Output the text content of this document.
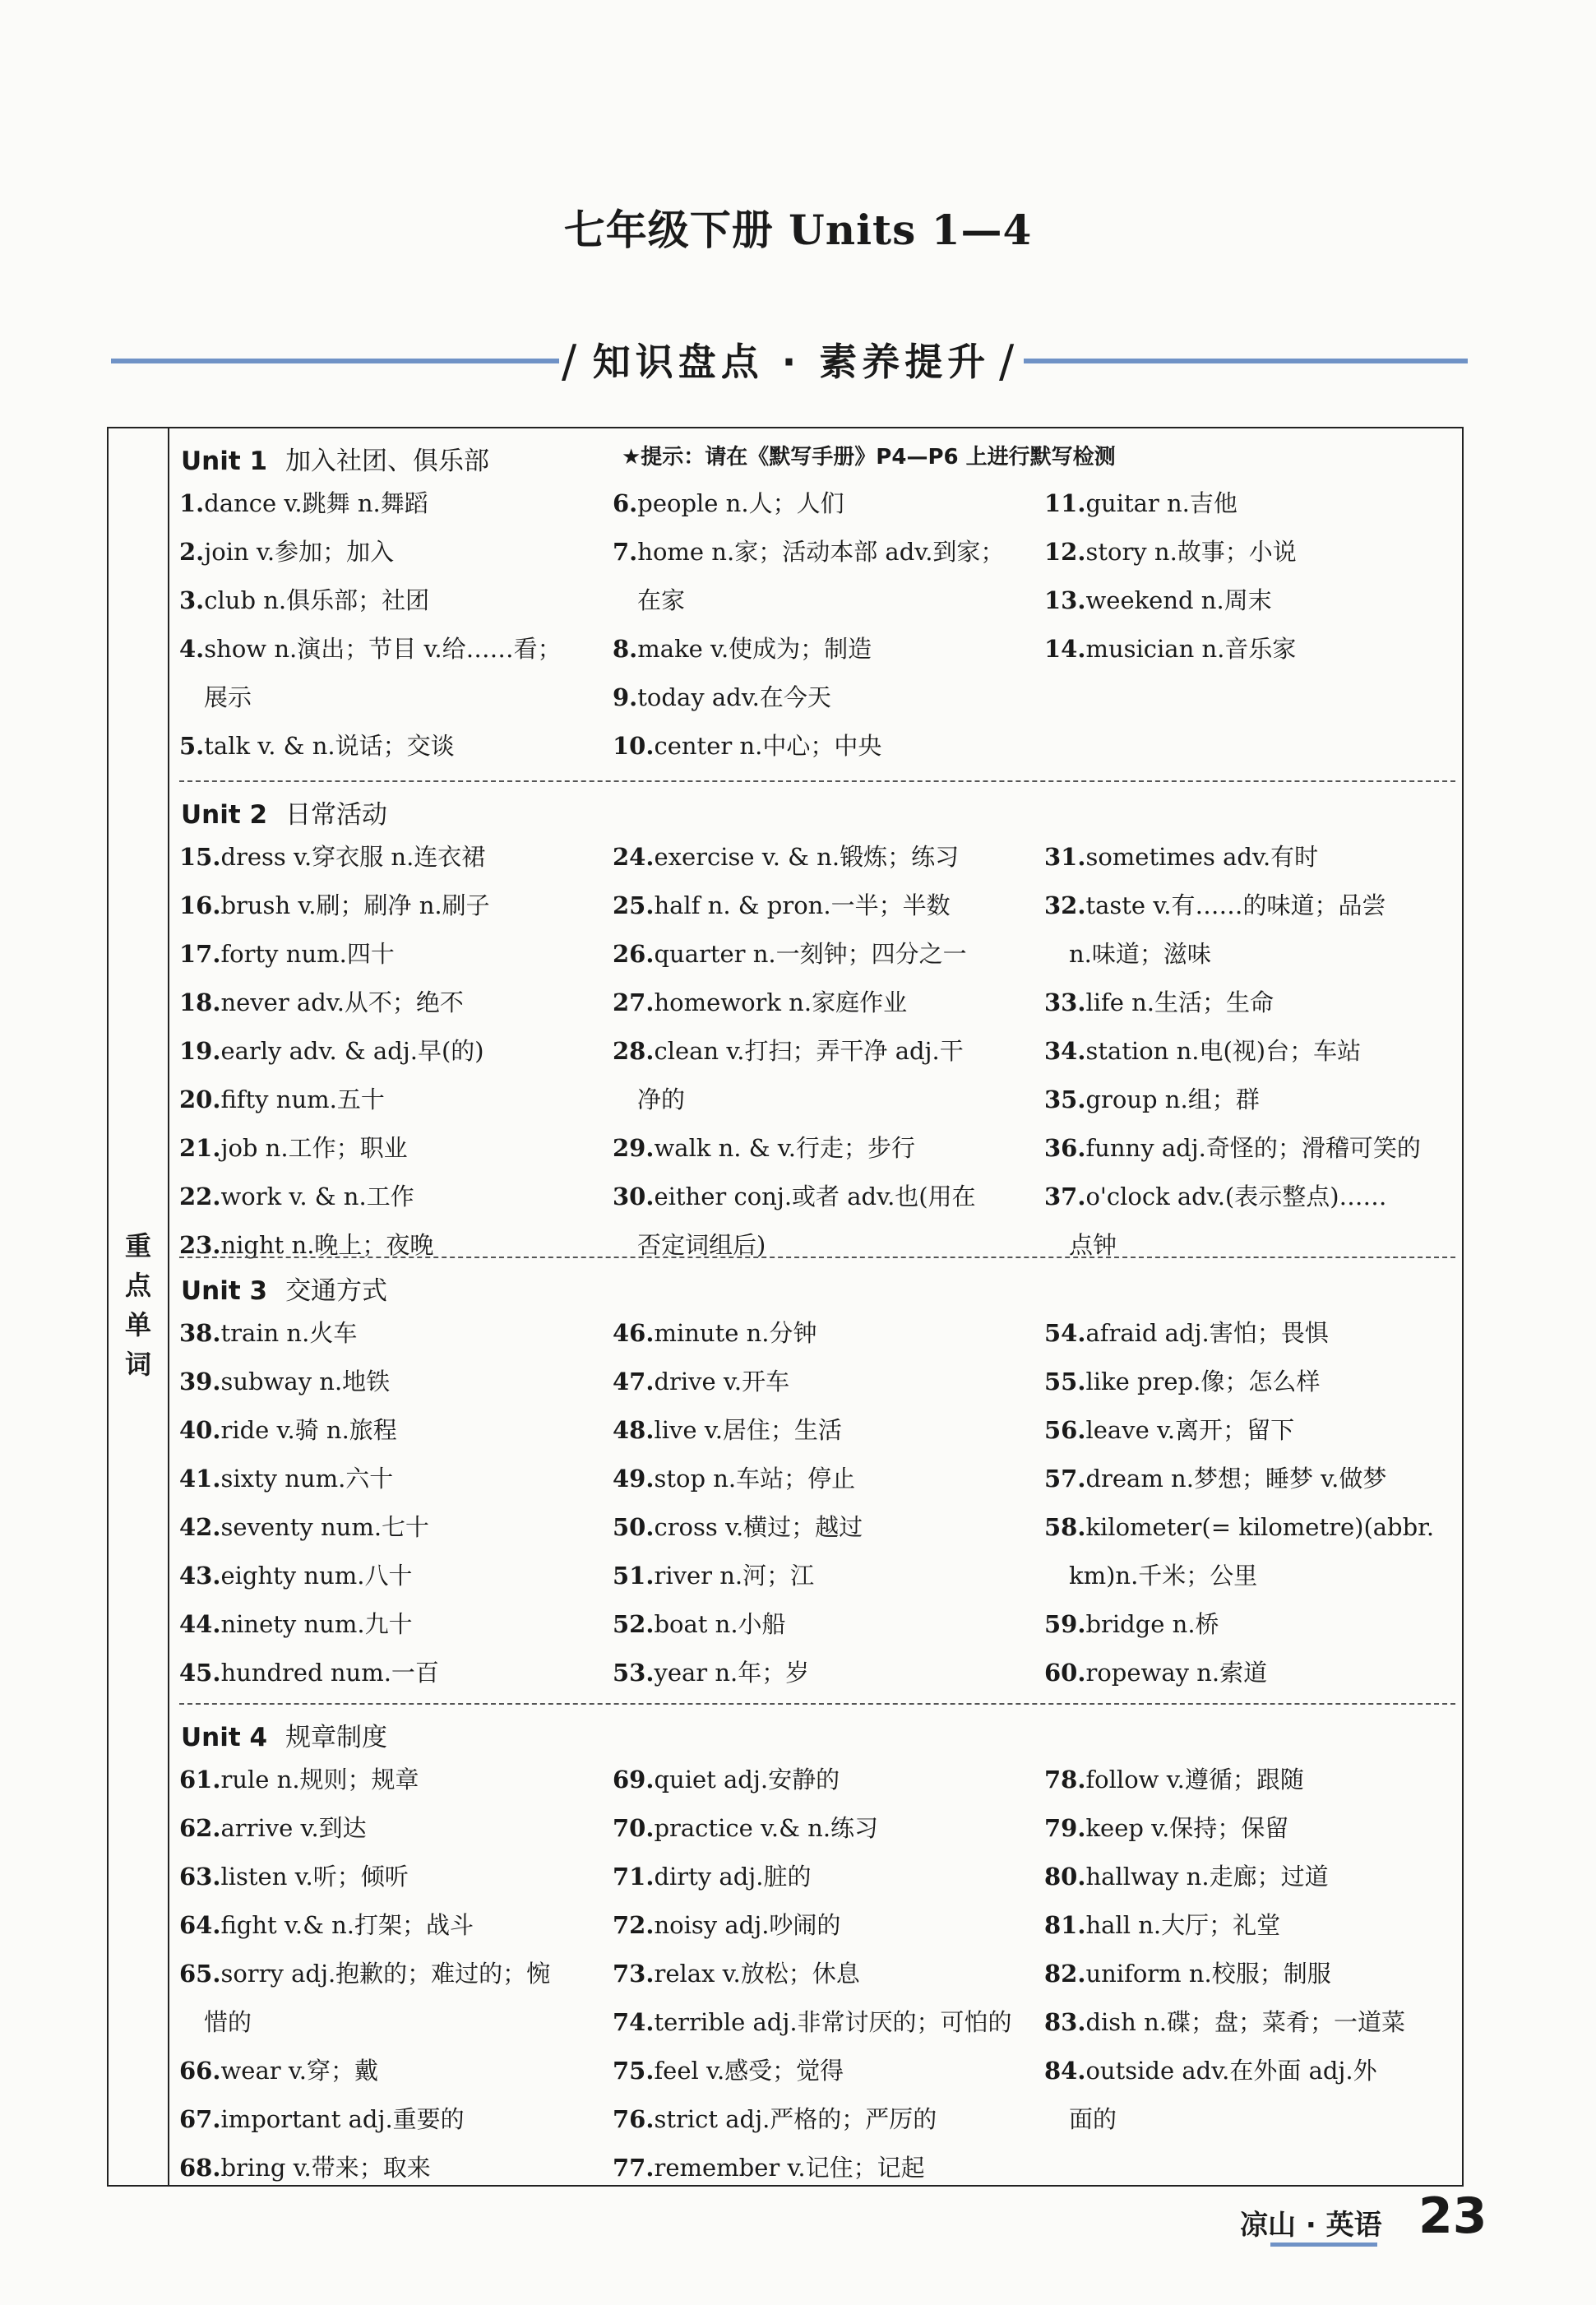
七年级下册 Units 1—4
/ 知识盘点 · 素养提升 /
重
点
单
词
Unit 1 加入社团、俱乐部	★提示：请在《默写手册》P4—P6 上进行默写检测
1.dance v.跳舞 n.舞蹈
2.join v.参加；加入
3.club n.俱乐部；社团
4.show n.演出；节目 v.给……看；
展示
5.talk v. & n.说话；交谈
6.people n.人；人们
7.home n.家；活动本部 adv.到家；
在家
8.make v.使成为；制造
9.today adv.在今天
10.center n.中心；中央
11.guitar n.吉他
12.story n.故事；小说
13.weekend n.周末
14.musician n.音乐家
Unit 2 日常活动
15.dress v.穿衣服 n.连衣裙
16.brush v.刷；刷净 n.刷子
17.forty num.四十
18.never adv.从不；绝不
19.early adv. & adj.早(的)
20.fifty num.五十
21.job n.工作；职业
22.work v. & n.工作
23.night n.晚上；夜晚
24.exercise v. & n.锻炼；练习
25.half n. & pron.一半；半数
26.quarter n.一刻钟；四分之一
27.homework n.家庭作业
28.clean v.打扫；弄干净 adj.干
净的
29.walk n. & v.行走；步行
30.either conj.或者 adv.也(用在
否定词组后)
31.sometimes adv.有时
32.taste v.有……的味道；品尝
n.味道；滋味
33.life n.生活；生命
34.station n.电(视)台；车站
35.group n.组；群
36.funny adj.奇怪的；滑稽可笑的
37.o'clock adv.(表示整点)……
点钟
Unit 3 交通方式
38.train n.火车
39.subway n.地铁
40.ride v.骑 n.旅程
41.sixty num.六十
42.seventy num.七十
43.eighty num.八十
44.ninety num.九十
45.hundred num.一百
46.minute n.分钟
47.drive v.开车
48.live v.居住；生活
49.stop n.车站；停止
50.cross v.横过；越过
51.river n.河；江
52.boat n.小船
53.year n.年；岁
54.afraid adj.害怕；畏惧
55.like prep.像；怎么样
56.leave v.离开；留下
57.dream n.梦想；睡梦 v.做梦
58.kilometer(= kilometre)(abbr.
km)n.千米；公里
59.bridge n.桥
60.ropeway n.索道
Unit 4 规章制度
61.rule n.规则；规章
62.arrive v.到达
63.listen v.听；倾听
64.fight v.& n.打架；战斗
65.sorry adj.抱歉的；难过的；惋
惜的
66.wear v.穿；戴
67.important adj.重要的
68.bring v.带来；取来
69.quiet adj.安静的
70.practice v.& n.练习
71.dirty adj.脏的
72.noisy adj.吵闹的
73.relax v.放松；休息
74.terrible adj.非常讨厌的；可怕的
75.feel v.感受；觉得
76.strict adj.严格的；严厉的
77.remember v.记住；记起
78.follow v.遵循；跟随
79.keep v.保持；保留
80.hallway n.走廊；过道
81.hall n.大厅；礼堂
82.uniform n.校服；制服
83.dish n.碟；盘；菜肴；一道菜
84.outside adv.在外面 adj.外
面的
凉山 · 英语 23
